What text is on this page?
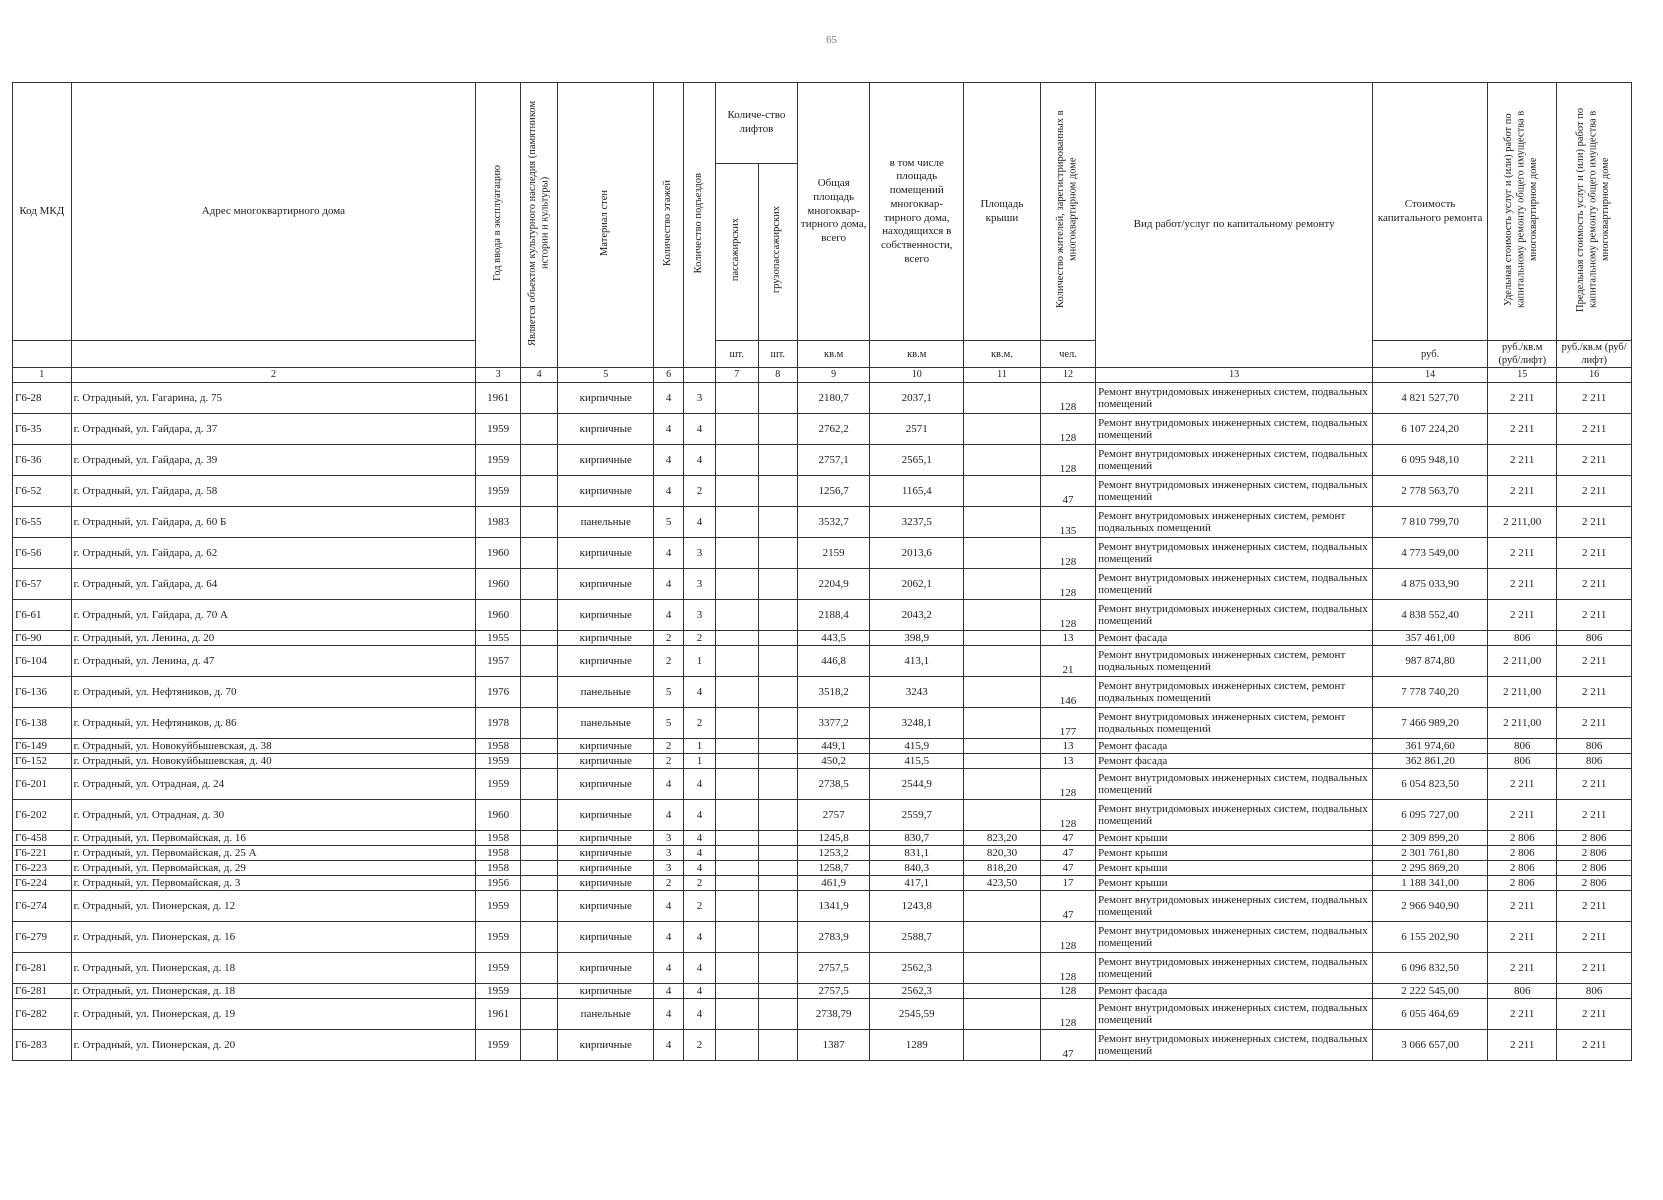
65
Код МКД	Адрес многоквартирного дома	Год ввода в эксплуатацию	Является объектом культурного наследия (памятником истории и культуры)	Материал стен	Количество этажей	Количество подъездов	Количе-ство лифтов		Общая площадь многоквар-тирного дома, всего	в том числе площадь помещений многоквар-тирного дома, находящихся в собственности, всего	Площадь крыши	Количество жителей, зарегистрированных в многоквартирном доме	Вид работ/услуг по капитальному ремонту	Стоимость капитального ремонта	Удельная стоимость услуг и (или) работ по капитальному ремонту общего имущества в многоквартирном доме	Предельная стоимость услуг и (или) работ по капитальному ремонту общего имущества в многоквартирном доме
							пассажирских	грузопассажирских								
							шт.	шт.	кв.м	кв.м	кв.м.	чел.		руб.	руб./кв.м (руб/лифт)	руб./кв.м (руб/лифт)
1	2	3	4	5	6		7	8	9	10	11	12	13	14	15	16
Г6-28	г. Отрадный, ул. Гагарина, д. 75	1961		кирпичные	4	3			2180,7	2037,1		128	Ремонт внутридомовых инженерных систем, подвальных помещений	4 821 527,70	2 211	2 211
Г6-35	г. Отрадный, ул. Гайдара, д. 37	1959		кирпичные	4	4			2762,2	2571		128	Ремонт внутридомовых инженерных систем, подвальных помещений	6 107 224,20	2 211	2 211
Г6-36	г. Отрадный, ул. Гайдара, д. 39	1959		кирпичные	4	4			2757,1	2565,1		128	Ремонт внутридомовых инженерных систем, подвальных помещений	6 095 948,10	2 211	2 211
Г6-52	г. Отрадный, ул. Гайдара, д. 58	1959		кирпичные	4	2			1256,7	1165,4		47	Ремонт внутридомовых инженерных систем, подвальных помещений	2 778 563,70	2 211	2 211
Г6-55	г. Отрадный, ул. Гайдара, д. 60 Б	1983		панельные	5	4			3532,7	3237,5		135	Ремонт внутридомовых инженерных систем, ремонт подвальных помещений	7 810 799,70	2 211,00	2 211
Г6-56	г. Отрадный, ул. Гайдара, д. 62	1960		кирпичные	4	3			2159	2013,6		128	Ремонт внутридомовых инженерных систем, подвальных помещений	4 773 549,00	2 211	2 211
Г6-57	г. Отрадный, ул. Гайдара, д. 64	1960		кирпичные	4	3			2204,9	2062,1		128	Ремонт внутридомовых инженерных систем, подвальных помещений	4 875 033,90	2 211	2 211
Г6-61	г. Отрадный, ул. Гайдара, д. 70 А	1960		кирпичные	4	3			2188,4	2043,2		128	Ремонт внутридомовых инженерных систем, подвальных помещений	4 838 552,40	2 211	2 211
Г6-90	г. Отрадный, ул. Ленина, д. 20	1955		кирпичные	2	2			443,5	398,9		13	Ремонт фасада	357 461,00	806	806
Г6-104	г. Отрадный, ул. Ленина, д. 47	1957		кирпичные	2	1			446,8	413,1		21	Ремонт внутридомовых инженерных систем, ремонт подвальных помещений	987 874,80	2 211,00	2 211
Г6-136	г. Отрадный, ул. Нефтяников, д. 70	1976		панельные	5	4			3518,2	3243		146	Ремонт внутридомовых инженерных систем, ремонт подвальных помещений	7 778 740,20	2 211,00	2 211
Г6-138	г. Отрадный, ул. Нефтяников, д. 86	1978		панельные	5	2			3377,2	3248,1		177	Ремонт внутридомовых инженерных систем, ремонт подвальных помещений	7 466 989,20	2 211,00	2 211
Г6-149	г. Отрадный, ул. Новокуйбышевская, д. 38	1958		кирпичные	2	1			449,1	415,9		13	Ремонт фасада	361 974,60	806	806
Г6-152	г. Отрадный, ул. Новокуйбышевская, д. 40	1959		кирпичные	2	1			450,2	415,5		13	Ремонт фасада	362 861,20	806	806
Г6-201	г. Отрадный, ул. Отрадная, д. 24	1959		кирпичные	4	4			2738,5	2544,9		128	Ремонт внутридомовых инженерных систем, подвальных помещений	6 054 823,50	2 211	2 211
Г6-202	г. Отрадный, ул. Отрадная, д. 30	1960		кирпичные	4	4			2757	2559,7		128	Ремонт внутридомовых инженерных систем, подвальных помещений	6 095 727,00	2 211	2 211
Г6-458	г. Отрадный, ул. Первомайская, д. 16	1958		кирпичные	3	4			1245,8	830,7	823,20	47	Ремонт крыши	2 309 899,20	2 806	2 806
Г6-221	г. Отрадный, ул. Первомайская, д. 25 А	1958		кирпичные	3	4			1253,2	831,1	820,30	47	Ремонт крыши	2 301 761,80	2 806	2 806
Г6-223	г. Отрадный, ул. Первомайская, д. 29	1958		кирпичные	3	4			1258,7	840,3	818,20	47	Ремонт крыши	2 295 869,20	2 806	2 806
Г6-224	г. Отрадный, ул. Первомайская, д. 3	1956		кирпичные	2	2			461,9	417,1	423,50	17	Ремонт крыши	1 188 341,00	2 806	2 806
Г6-274	г. Отрадный, ул. Пионерская, д. 12	1959		кирпичные	4	2			1341,9	1243,8		47	Ремонт внутридомовых инженерных систем, подвальных помещений	2 966 940,90	2 211	2 211
Г6-279	г. Отрадный, ул. Пионерская, д. 16	1959		кирпичные	4	4			2783,9	2588,7		128	Ремонт внутридомовых инженерных систем, подвальных помещений	6 155 202,90	2 211	2 211
Г6-281	г. Отрадный, ул. Пионерская, д. 18	1959		кирпичные	4	4			2757,5	2562,3		128	Ремонт внутридомовых инженерных систем, подвальных помещений	6 096 832,50	2 211	2 211
Г6-281	г. Отрадный, ул. Пионерская, д. 18	1959		кирпичные	4	4			2757,5	2562,3		128	Ремонт фасада	2 222 545,00	806	806
Г6-282	г. Отрадный, ул. Пионерская, д. 19	1961		панельные	4	4			2738,79	2545,59		128	Ремонт внутридомовых инженерных систем, подвальных помещений	6 055 464,69	2 211	2 211
Г6-283	г. Отрадный, ул. Пионерская, д. 20	1959		кирпичные	4	2			1387	1289		47	Ремонт внутридомовых инженерных систем, подвальных помещений	3 066 657,00	2 211	2 211
